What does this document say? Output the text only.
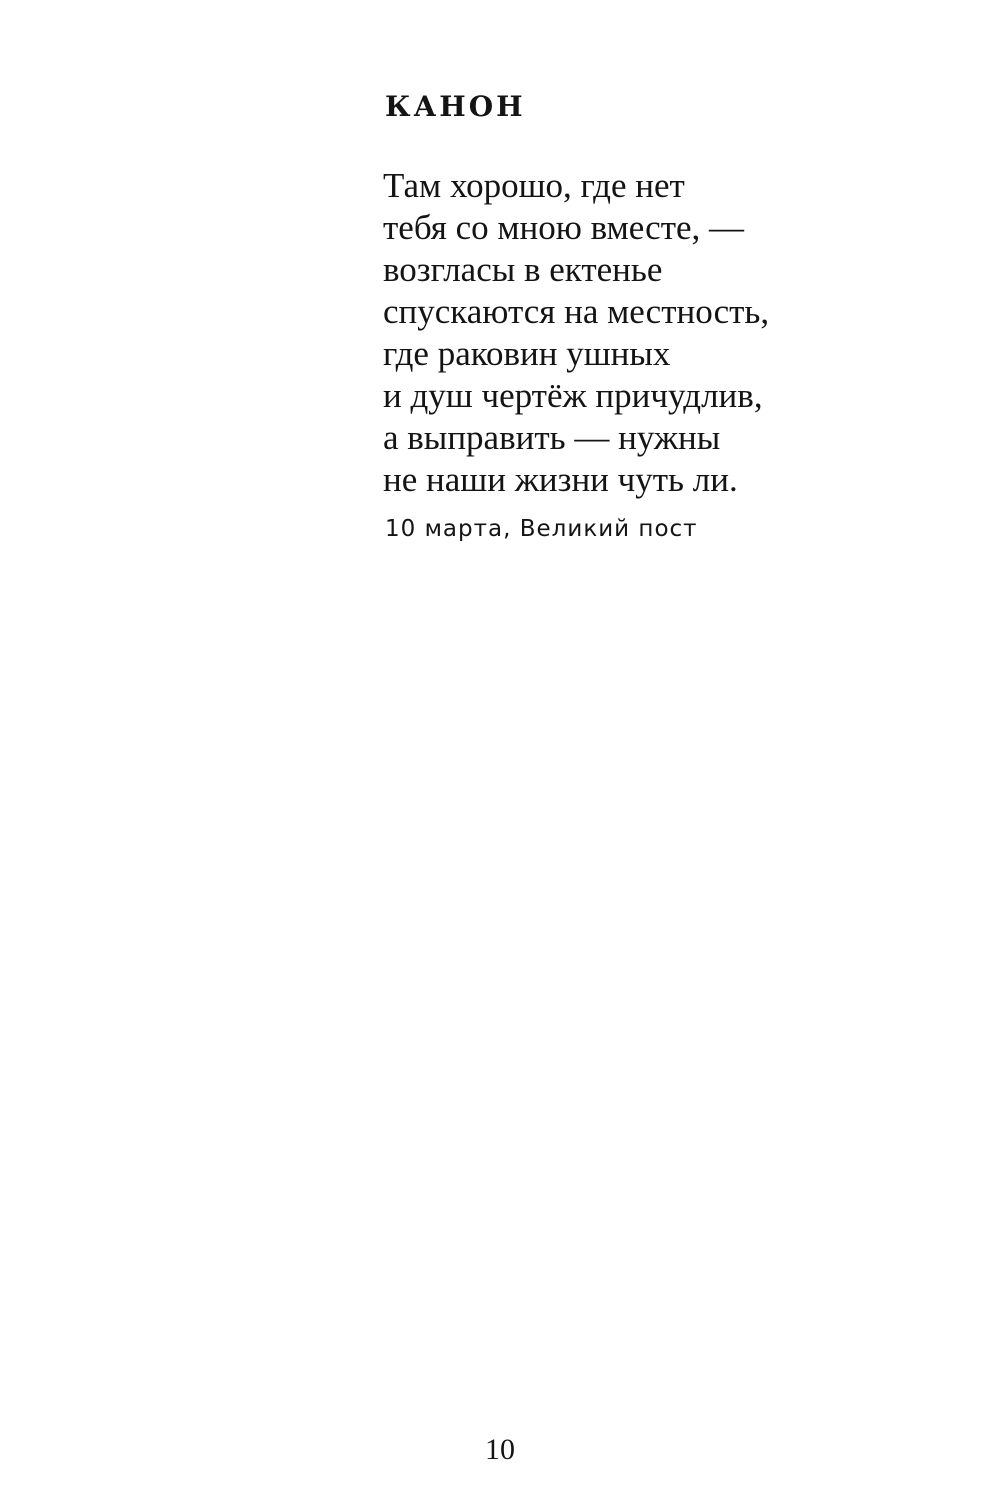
КАНОН
Там хорошо, где нет
тебя со мною вместе, —
возгласы в ектенье
спускаются на местность,
где раковин ушных
и душ чертёж причудлив,
а выправить — нужны
не наши жизни чуть ли.

10 марта, Великий пост

10
